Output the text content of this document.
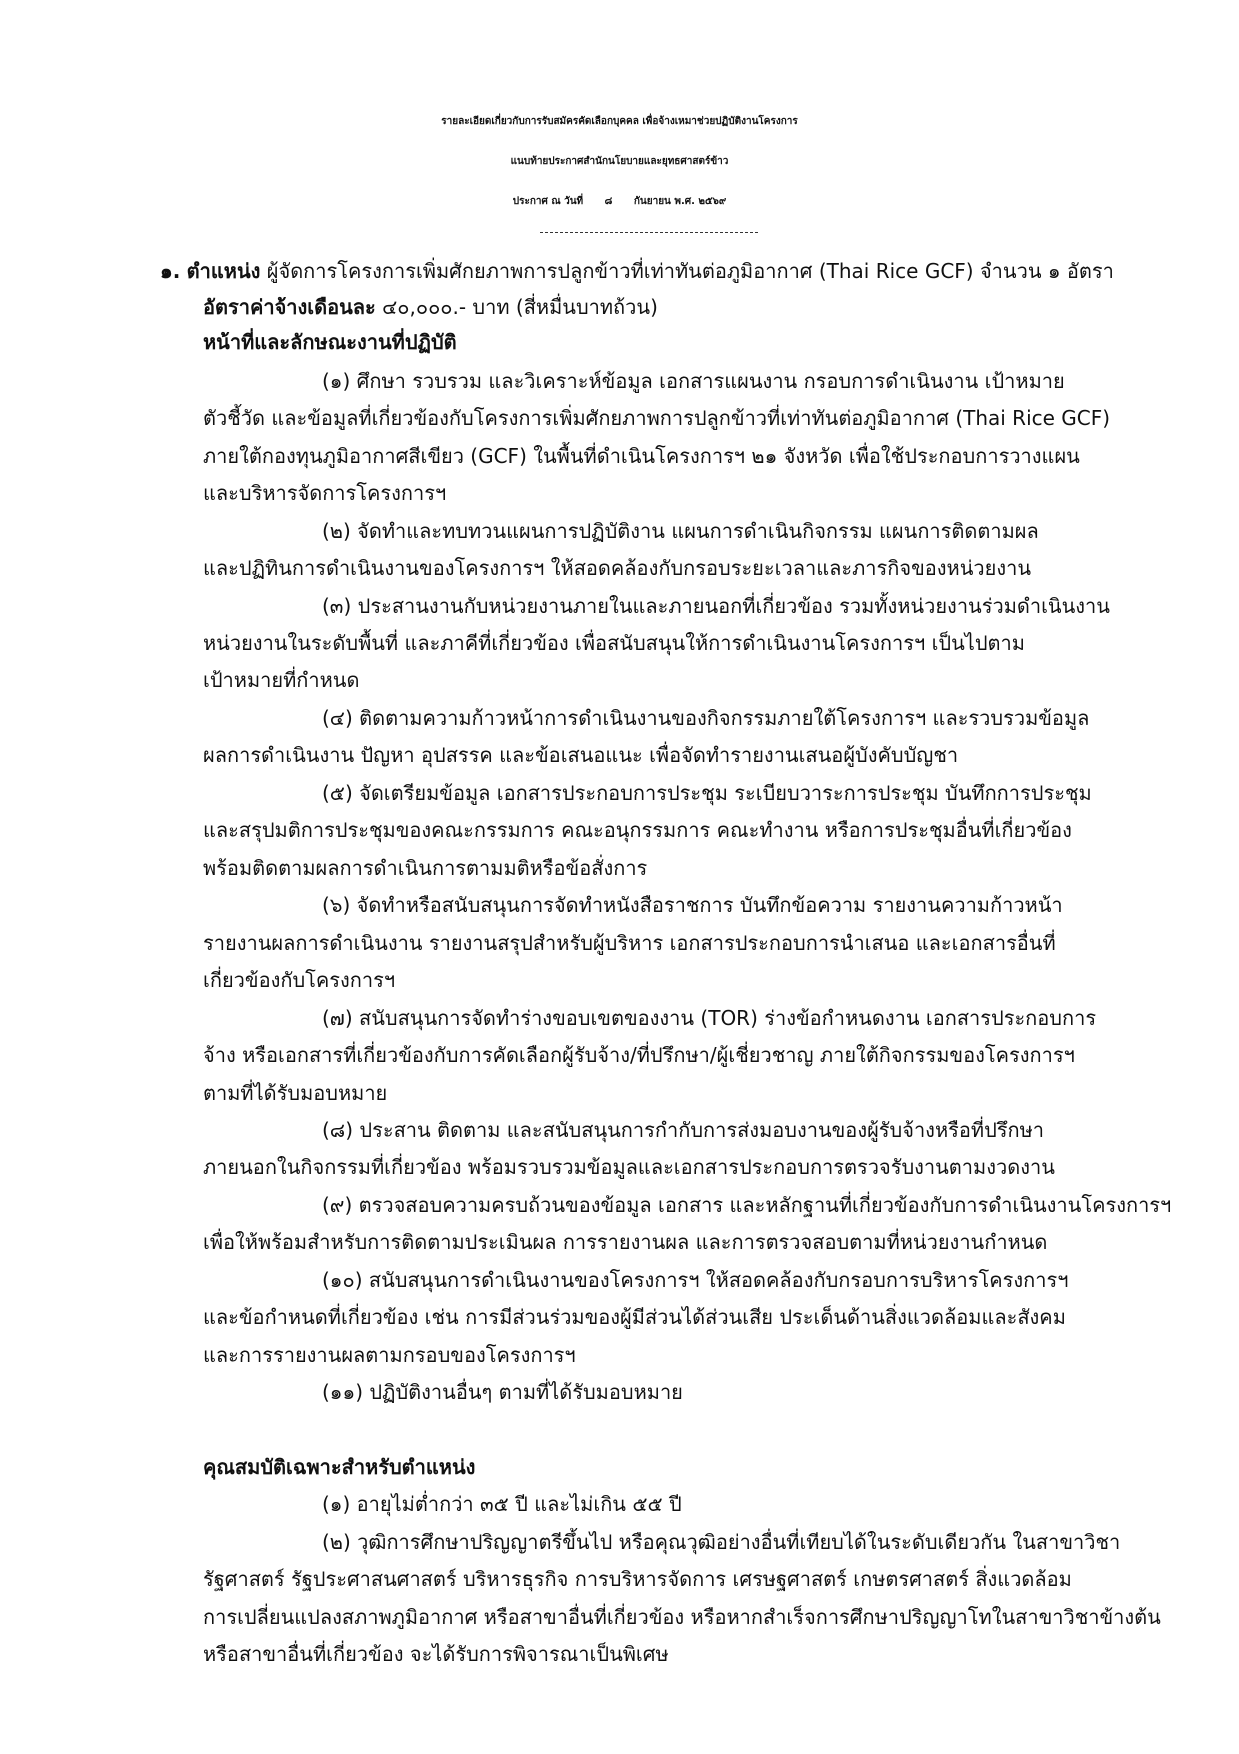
รายละเอียดเกี่ยวกับการรับสมัครคัดเลือกบุคคล เพื่อจ้างเหมาช่วยปฏิบัติงานโครงการ
แนบท้ายประกาศสำนักนโยบายและยุทธศาสตร์ข้าว
ประกาศ ณ วันที่ ๘ กันยายน พ.ศ. ๒๕๖๙
๑. ตำแหน่ง ผู้จัดการโครงการเพิ่มศักยภาพการปลูกข้าวที่เท่าทันต่อภูมิอากาศ (Thai Rice GCF) จำนวน ๑ อัตรา
อัตราค่าจ้างเดือนละ ๔๐,๐๐๐.- บาท (สี่หมื่นบาทถ้วน)
หน้าที่และลักษณะงานที่ปฏิบัติ
(๑) ศึกษา รวบรวม และวิเคราะห์ข้อมูล เอกสารแผนงาน กรอบการดำเนินงาน เป้าหมาย
ตัวชี้วัด และข้อมูลที่เกี่ยวข้องกับโครงการเพิ่มศักยภาพการปลูกข้าวที่เท่าทันต่อภูมิอากาศ (Thai Rice GCF)
ภายใต้กองทุนภูมิอากาศสีเขียว (GCF) ในพื้นที่ดำเนินโครงการฯ ๒๑ จังหวัด เพื่อใช้ประกอบการวางแผน
และบริหารจัดการโครงการฯ
(๒) จัดทำและทบทวนแผนการปฏิบัติงาน แผนการดำเนินกิจกรรม แผนการติดตามผล
และปฏิทินการดำเนินงานของโครงการฯ ให้สอดคล้องกับกรอบระยะเวลาและภารกิจของหน่วยงาน
(๓) ประสานงานกับหน่วยงานภายในและภายนอกที่เกี่ยวข้อง รวมทั้งหน่วยงานร่วมดำเนินงาน
หน่วยงานในระดับพื้นที่ และภาคีที่เกี่ยวข้อง เพื่อสนับสนุนให้การดำเนินงานโครงการฯ เป็นไปตาม
เป้าหมายที่กำหนด
(๔) ติดตามความก้าวหน้าการดำเนินงานของกิจกรรมภายใต้โครงการฯ และรวบรวมข้อมูล
ผลการดำเนินงาน ปัญหา อุปสรรค และข้อเสนอแนะ เพื่อจัดทำรายงานเสนอผู้บังคับบัญชา
(๕) จัดเตรียมข้อมูล เอกสารประกอบการประชุม ระเบียบวาระการประชุม บันทึกการประชุม
และสรุปมติการประชุมของคณะกรรมการ คณะอนุกรรมการ คณะทำงาน หรือการประชุมอื่นที่เกี่ยวข้อง
พร้อมติดตามผลการดำเนินการตามมติหรือข้อสั่งการ
(๖) จัดทำหรือสนับสนุนการจัดทำหนังสือราชการ บันทึกข้อความ รายงานความก้าวหน้า
รายงานผลการดำเนินงาน รายงานสรุปสำหรับผู้บริหาร เอกสารประกอบการนำเสนอ และเอกสารอื่นที่
เกี่ยวข้องกับโครงการฯ
(๗) สนับสนุนการจัดทำร่างขอบเขตของงาน (TOR) ร่างข้อกำหนดงาน เอกสารประกอบการ
จ้าง หรือเอกสารที่เกี่ยวข้องกับการคัดเลือกผู้รับจ้าง/ที่ปรึกษา/ผู้เชี่ยวชาญ ภายใต้กิจกรรมของโครงการฯ
ตามที่ได้รับมอบหมาย
(๘) ประสาน ติดตาม และสนับสนุนการกำกับการส่งมอบงานของผู้รับจ้างหรือที่ปรึกษา
ภายนอกในกิจกรรมที่เกี่ยวข้อง พร้อมรวบรวมข้อมูลและเอกสารประกอบการตรวจรับงานตามงวดงาน
(๙) ตรวจสอบความครบถ้วนของข้อมูล เอกสาร และหลักฐานที่เกี่ยวข้องกับการดำเนินงานโครงการฯ
เพื่อให้พร้อมสำหรับการติดตามประเมินผล การรายงานผล และการตรวจสอบตามที่หน่วยงานกำหนด
(๑๐) สนับสนุนการดำเนินงานของโครงการฯ ให้สอดคล้องกับกรอบการบริหารโครงการฯ
และข้อกำหนดที่เกี่ยวข้อง เช่น การมีส่วนร่วมของผู้มีส่วนได้ส่วนเสีย ประเด็นด้านสิ่งแวดล้อมและสังคม
และการรายงานผลตามกรอบของโครงการฯ
(๑๑) ปฏิบัติงานอื่นๆ ตามที่ได้รับมอบหมาย
คุณสมบัติเฉพาะสำหรับตำแหน่ง
(๑) อายุไม่ต่ำกว่า ๓๕ ปี และไม่เกิน ๕๕ ปี
(๒) วุฒิการศึกษาปริญญาตรีขึ้นไป หรือคุณวุฒิอย่างอื่นที่เทียบได้ในระดับเดียวกัน ในสาขาวิชา
รัฐศาสตร์ รัฐประศาสนศาสตร์ บริหารธุรกิจ การบริหารจัดการ เศรษฐศาสตร์ เกษตรศาสตร์ สิ่งแวดล้อม
การเปลี่ยนแปลงสภาพภูมิอากาศ หรือสาขาอื่นที่เกี่ยวข้อง หรือหากสำเร็จการศึกษาปริญญาโทในสาขาวิชาข้างต้น
หรือสาขาอื่นที่เกี่ยวข้อง จะได้รับการพิจารณาเป็นพิเศษ
